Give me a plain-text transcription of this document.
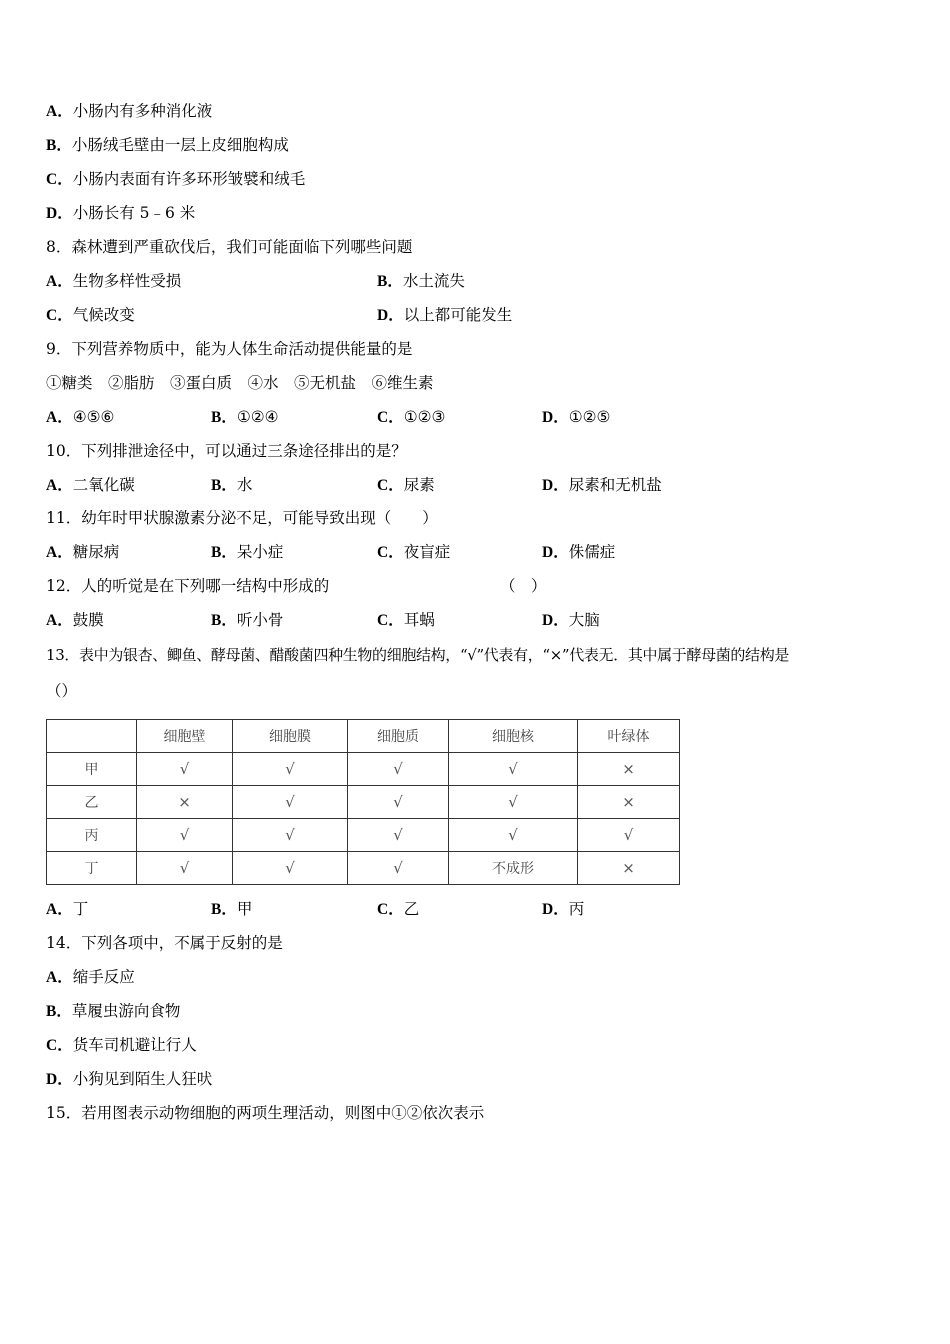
A．小肠内有多种消化液
B．小肠绒毛壁由一层上皮细胞构成
C．小肠内表面有许多环形皱襞和绒毛
D．小肠长有 5﹣6 米
8．森林遭到严重砍伐后，我们可能面临下列哪些问题
A．生物多样性受损	B．水土流失
C．气候改变	D．以上都可能发生
9．下列营养物质中，能为人体生命活动提供能量的是
①糖类　②脂肪　③蛋白质　④水　⑤无机盐　⑥维生素
A．④⑤⑥	B．①②④	C．①②③	D．①②⑤
10．下列排泄途径中，可以通过三条途径排出的是？
A．二氧化碳	B．水	C．尿素	D．尿素和无机盐
11．幼年时甲状腺激素分泌不足，可能导致出现（　　）
A．糖尿病	B．呆小症	C．夜盲症	D．侏儒症
12．人的听觉是在下列哪一结构中形成的	（　）
A．鼓膜	B．听小骨	C．耳蜗	D．大脑
13．表中为银杏、鲫鱼、酵母菌、醋酸菌四种生物的细胞结构，“√”代表有，“×”代表无．其中属于酵母菌的结构是
（）
	细胞壁	细胞膜	细胞质	细胞核	叶绿体
甲	√	√	√	√	×
乙	×	√	√	√	×
丙	√	√	√	√	√
丁	√	√	√	不成形	×
A．丁	B．甲	C．乙	D．丙
14．下列各项中，不属于反射的是
A．缩手反应
B．草履虫游向食物
C．货车司机避让行人
D．小狗见到陌生人狂吠
15．若用图表示动物细胞的两项生理活动，则图中①②依次表示
